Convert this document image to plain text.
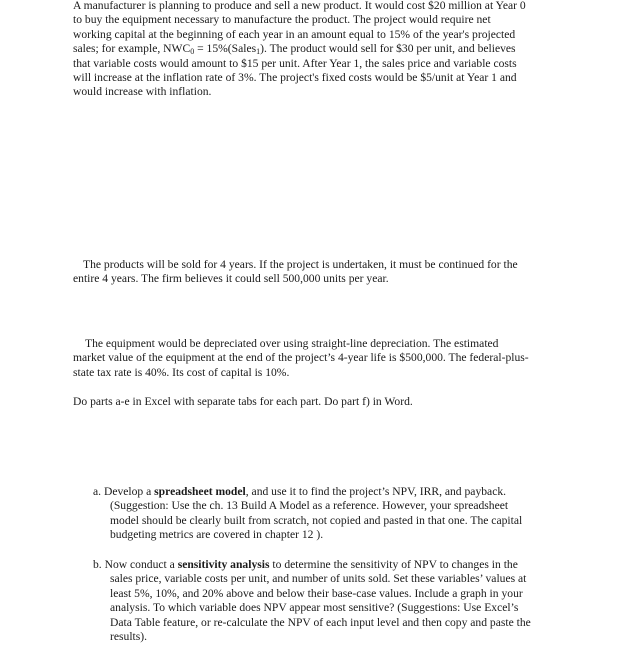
A manufacturer is planning to produce and sell a new product. It would cost $20 million at Year 0
to buy the equipment necessary to manufacture the product. The project would require net
working capital at the beginning of each year in an amount equal to 15% of the year's projected
sales; for example, $NWC_0$ = 15%(Sales$_1$). The product would sell for $30 per unit, and believes
that variable costs would amount to $15 per unit. After Year 1, the sales price and variable costs
will increase at the inflation rate of 3%. The project's fixed costs would be $5/unit at Year 1 and
would increase with inflation.

The products will be sold for 4 years. If the project is undertaken, it must be continued for the
entire 4 years. The firm believes it could sell 500,000 units per year.

The equipment would be depreciated over using straight-line depreciation. The estimated
market value of the equipment at the end of the project’s 4-year life is $500,000. The federal-plus-
state tax rate is 40%. Its cost of capital is 10%.

Do parts a-e in Excel with separate tabs for each part. Do part f) in Word.

a. Develop a spreadsheet model, and use it to find the project’s NPV, IRR, and payback.
(Suggestion: Use the ch. 13 Build A Model as a reference. However, your spreadsheet
model should be clearly built from scratch, not copied and pasted in that one. The capital
budgeting metrics are covered in chapter 12 ).
b. Now conduct a sensitivity analysis to determine the sensitivity of NPV to changes in the
sales price, variable costs per unit, and number of units sold. Set these variables’ values at
least 5%, 10%, and 20% above and below their base-case values. Include a graph in your
analysis. To which variable does NPV appear most sensitive? (Suggestions: Use Excel’s
Data Table feature, or re-calculate the NPV of each input level and then copy and paste the
results).
